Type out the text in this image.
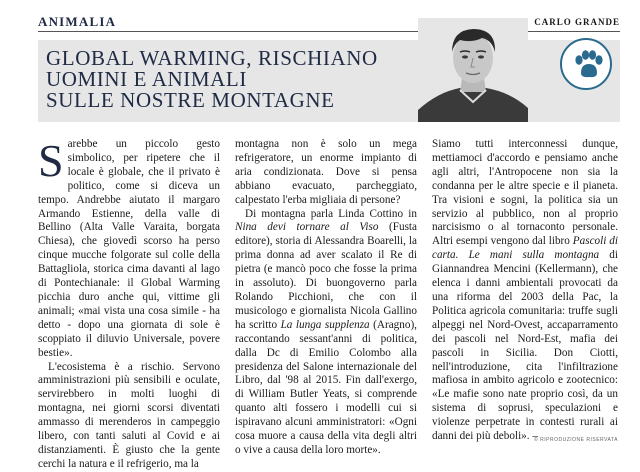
ANIMALIA	CARLO GRANDE
GLOBAL WARMING, RISCHIANO
UOMINI E ANIMALI
SULLE NOSTRE MONTAGNE

Sarebbe un piccolo gesto simbolico, per ripetere che il locale è globale, che il privato è politico, come si diceva un tempo. Andrebbe aiutato il margaro Armando Estienne, della valle di Bellino (Alta Valle Varaita, borgata Chiesa), che giovedì scorso ha perso cinque mucche folgorate sul colle della Battagliola, storica cima davanti al lago di Pontechianale: il Global Warming picchia duro anche qui, vittime gli animali; «mai vista una cosa simile - ha detto - dopo una giornata di sole è scoppiato il diluvio Universale, povere bestie».

L'ecosistema è a rischio. Servono amministrazioni più sensibili e oculate, servirebbero in molti luoghi di montagna, nei giorni scorsi diventati ammasso di merenderos in campeggio libero, con tanti saluti al Covid e ai distanziamenti. È giusto che la gente cerchi la natura e il refrigerio, ma la

montagna non è solo un mega refrigeratore, un enorme impianto di aria condizionata. Dove si pensa abbiano evacuato, parcheggiato, calpestato l'erba migliaia di persone?

Di montagna parla Linda Cottino in Nina devi tornare al Viso (Fusta editore), storia di Alessandra Boarelli, la prima donna ad aver scalato il Re di pietra (e mancò poco che fosse la prima in assoluto). Di buongoverno parla Rolando Picchioni, che con il musicologo e giornalista Nicola Gallino ha scritto La lunga supplenza (Aragno), raccontando sessant'anni di politica, dalla Dc di Emilio Colombo alla presidenza del Salone internazionale del Libro, dal '98 al 2015. Fin dall'exergo, di William Butler Yeats, si comprende quanto alti fossero i modelli cui si ispiravano alcuni amministratori: «Ogni cosa muore a causa della vita degli altri o vive a causa della loro morte».

Siamo tutti interconnessi dunque, mettiamoci d'accordo e pensiamo anche agli altri, l'Antropocene non sia la condanna per le altre specie e il pianeta. Tra visioni e sogni, la politica sia un servizio al pubblico, non al proprio narcisismo o al tornaconto personale. Altri esempi vengono dal libro Pascoli di carta. Le mani sulla montagna di Giannandrea Mencini (Kellermann), che elenca i danni ambientali provocati da una riforma del 2003 della Pac, la Politica agricola comunitaria: truffe sugli alpeggi nel Nord-Ovest, accaparramento dei pascoli nel Nord-Est, mafia dei pascoli in Sicilia. Don Ciotti, nell'introduzione, cita l'infiltrazione mafiosa in ambito agricolo e zootecnico: «Le mafie sono nate proprio così, da un sistema di soprusi, speculazioni e violenze perpetrate in contesti rurali ai danni dei più deboli». –

© RIPRODUZIONE RISERVATA
